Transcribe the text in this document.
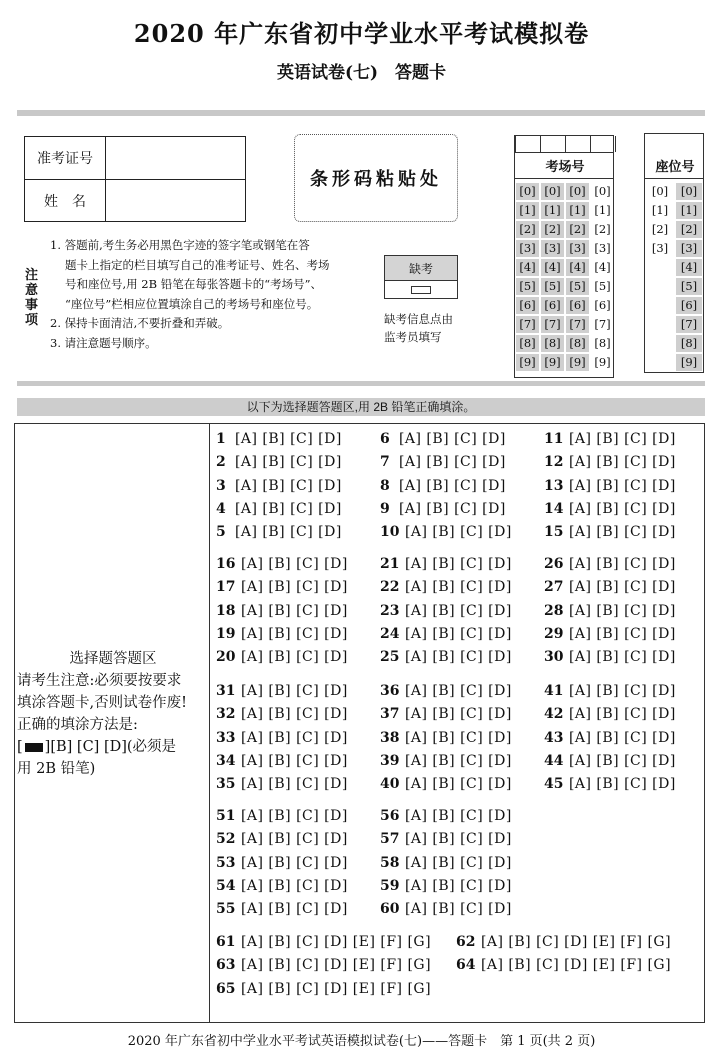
2020 年广东省初中学业水平考试模拟卷
英语试卷(七)　答题卡
准考证号
姓　名
条形码粘贴处
注意事项

1. 答题前,考生务必用黑色字迹的签字笔或钢笔在答

题卡上指定的栏目填写自己的准考证号、姓名、考场

号和座位号,用 2B 铅笔在每张答题卡的“考场号”、

“座位号”栏相应位置填涂自己的考场号和座位号。

2. 保持卡面清洁,不要折叠和弄破。

3. 请注意题号顺序。

缺考
缺考信息点由
监考员填写
考场号
[0]
[1]
[2]
[3]
[4]
[5]
[6]
[7]
[8]
[9]
[0]
[1]
[2]
[3]
[4]
[5]
[6]
[7]
[8]
[9]
[0]
[1]
[2]
[3]
[4]
[5]
[6]
[7]
[8]
[9]
[0]
[1]
[2]
[3]
[4]
[5]
[6]
[7]
[8]
[9]
座位号
[0]
[1]
[2]
[3]
[0]
[1]
[2]
[3]
[4]
[5]
[6]
[7]
[8]
[9]
以下为选择题答题区,用 2B 铅笔正确填涂。

选择题答题区

请考生注意:必须要按要求

填涂答题卡,否则试卷作废!

正确的填涂方法是:

[ ][B] [C] [D](必须是

用 2B 铅笔)

1 [A] [B] [C] [D]
2 [A] [B] [C] [D]
3 [A] [B] [C] [D]
4 [A] [B] [C] [D]
5 [A] [B] [C] [D]
6 [A] [B] [C] [D]
7 [A] [B] [C] [D]
8 [A] [B] [C] [D]
9 [A] [B] [C] [D]
10 [A] [B] [C] [D]
11 [A] [B] [C] [D]
12 [A] [B] [C] [D]
13 [A] [B] [C] [D]
14 [A] [B] [C] [D]
15 [A] [B] [C] [D]
16 [A] [B] [C] [D]
17 [A] [B] [C] [D]
18 [A] [B] [C] [D]
19 [A] [B] [C] [D]
20 [A] [B] [C] [D]
21 [A] [B] [C] [D]
22 [A] [B] [C] [D]
23 [A] [B] [C] [D]
24 [A] [B] [C] [D]
25 [A] [B] [C] [D]
26 [A] [B] [C] [D]
27 [A] [B] [C] [D]
28 [A] [B] [C] [D]
29 [A] [B] [C] [D]
30 [A] [B] [C] [D]
31 [A] [B] [C] [D]
32 [A] [B] [C] [D]
33 [A] [B] [C] [D]
34 [A] [B] [C] [D]
35 [A] [B] [C] [D]
36 [A] [B] [C] [D]
37 [A] [B] [C] [D]
38 [A] [B] [C] [D]
39 [A] [B] [C] [D]
40 [A] [B] [C] [D]
41 [A] [B] [C] [D]
42 [A] [B] [C] [D]
43 [A] [B] [C] [D]
44 [A] [B] [C] [D]
45 [A] [B] [C] [D]
51 [A] [B] [C] [D]
52 [A] [B] [C] [D]
53 [A] [B] [C] [D]
54 [A] [B] [C] [D]
55 [A] [B] [C] [D]
56 [A] [B] [C] [D]
57 [A] [B] [C] [D]
58 [A] [B] [C] [D]
59 [A] [B] [C] [D]
60 [A] [B] [C] [D]
61 [A] [B] [C] [D] [E] [F] [G] 62 [A] [B] [C] [D] [E] [F] [G]
63 [A] [B] [C] [D] [E] [F] [G] 64 [A] [B] [C] [D] [E] [F] [G]
65 [A] [B] [C] [D] [E] [F] [G]
2020 年广东省初中学业水平考试英语模拟试卷(七)——答题卡　第 1 页(共 2 页)
